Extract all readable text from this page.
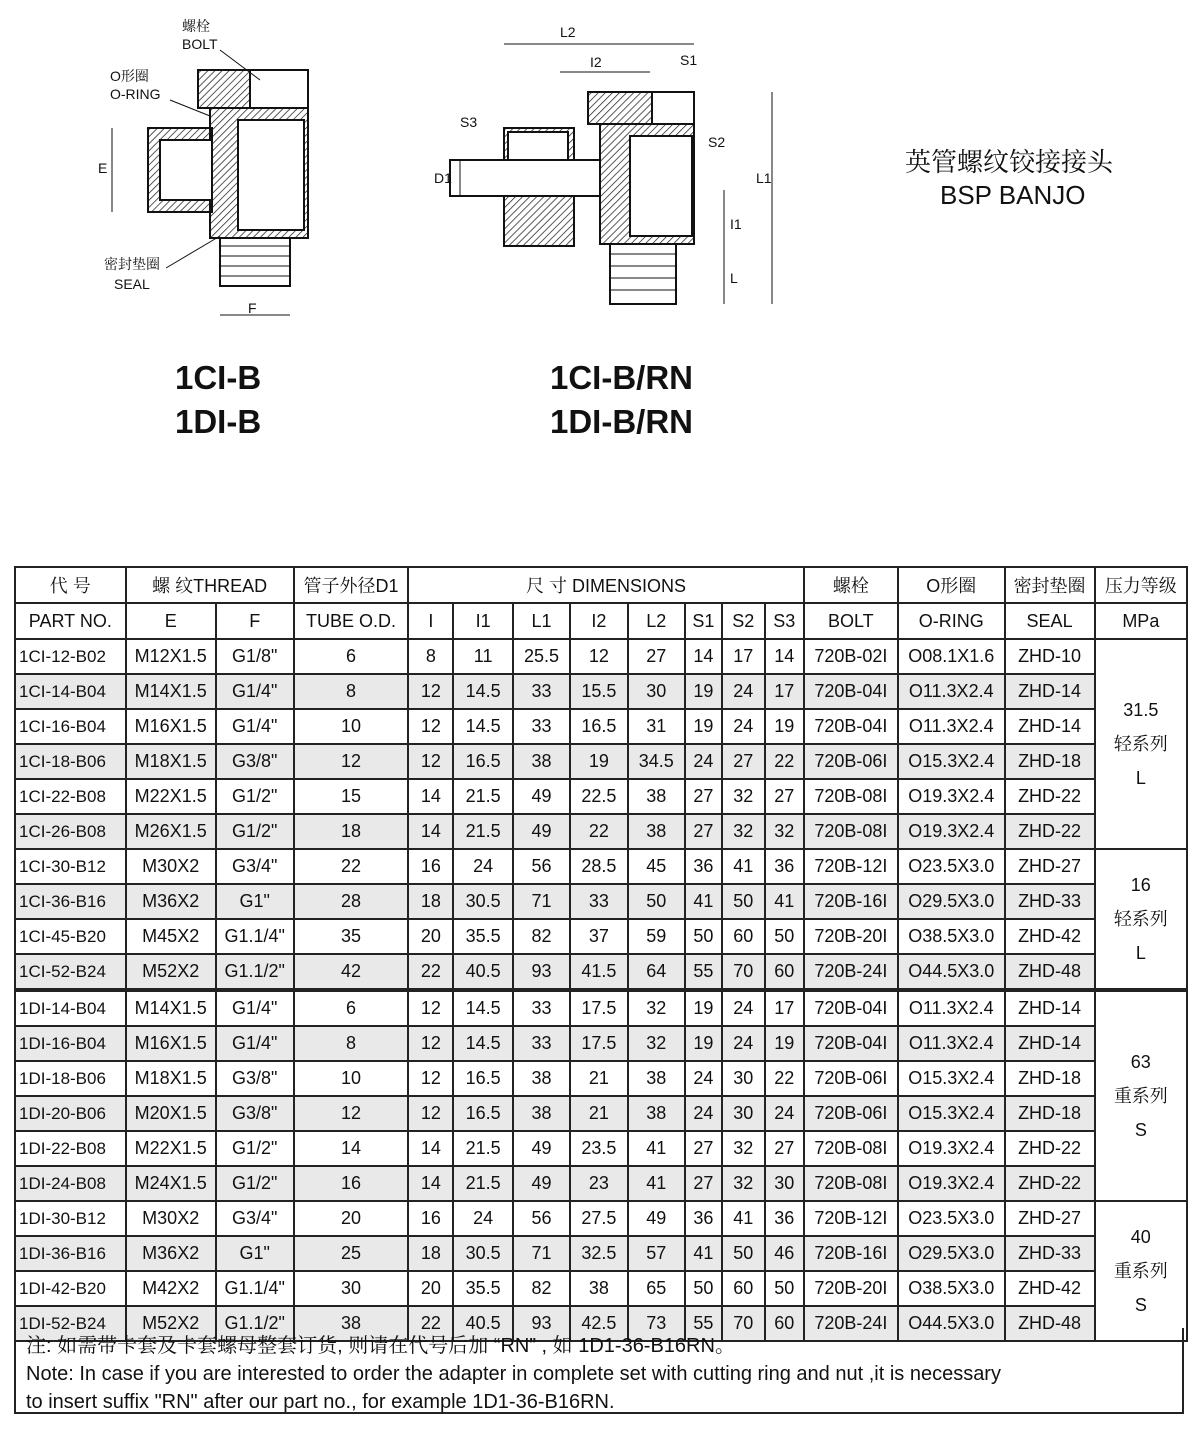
螺栓
BOLT
O形圈
O-RING
密封垫圈
SEAL
E
F
1CI-B
1DI-B
L2
I2	S1
S2
S3
L1
D1
I1
L
1CI-B/RN
1DI-B/RN
英管螺纹铰接接头
BSP BANJO
代 号	螺 纹THREAD		管子外径D1	尺 寸 DIMENSIONS								螺栓	O形圈	密封垫圈	压力等级
PART NO.	E	F	TUBE O.D.	I	I1	L1	I2	L2	S1	S2	S3	BOLT	O-RING	SEAL	MPa
1CI-12-B02	M12X1.5	G1/8"	6	8	11	25.5	12	27	14	17	14	720B-02I	O08.1X1.6	ZHD-10	31.5
轻系列
L

1CI-14-B04	M14X1.5	G1/4"	8	12	14.5	33	15.5	30	19	24	17	720B-04I	O11.3X2.4	ZHD-14	
1CI-16-B04	M16X1.5	G1/4"	10	12	14.5	33	16.5	31	19	24	19	720B-04I	O11.3X2.4	ZHD-14	
1CI-18-B06	M18X1.5	G3/8"	12	12	16.5	38	19	34.5	24	27	22	720B-06I	O15.3X2.4	ZHD-18	
1CI-22-B08	M22X1.5	G1/2"	15	14	21.5	49	22.5	38	27	32	27	720B-08I	O19.3X2.4	ZHD-22	
1CI-26-B08	M26X1.5	G1/2"	18	14	21.5	49	22	38	27	32	32	720B-08I	O19.3X2.4	ZHD-22	
1CI-30-B12	M30X2	G3/4"	22	16	24	56	28.5	45	36	41	36	720B-12I	O23.5X3.0	ZHD-27	16
轻系列
L

1CI-36-B16	M36X2	G1"	28	18	30.5	71	33	50	41	50	41	720B-16I	O29.5X3.0	ZHD-33	
1CI-45-B20	M45X2	G1.1/4"	35	20	35.5	82	37	59	50	60	50	720B-20I	O38.5X3.0	ZHD-42	
1CI-52-B24	M52X2	G1.1/2"	42	22	40.5	93	41.5	64	55	70	60	720B-24I	O44.5X3.0	ZHD-48	
1DI-14-B04	M14X1.5	G1/4"	6	12	14.5	33	17.5	32	19	24	17	720B-04I	O11.3X2.4	ZHD-14	63
重系列
S

1DI-16-B04	M16X1.5	G1/4"	8	12	14.5	33	17.5	32	19	24	19	720B-04I	O11.3X2.4	ZHD-14	
1DI-18-B06	M18X1.5	G3/8"	10	12	16.5	38	21	38	24	30	22	720B-06I	O15.3X2.4	ZHD-18	
1DI-20-B06	M20X1.5	G3/8"	12	12	16.5	38	21	38	24	30	24	720B-06I	O15.3X2.4	ZHD-18	
1DI-22-B08	M22X1.5	G1/2"	14	14	21.5	49	23.5	41	27	32	27	720B-08I	O19.3X2.4	ZHD-22	
1DI-24-B08	M24X1.5	G1/2"	16	14	21.5	49	23	41	27	32	30	720B-08I	O19.3X2.4	ZHD-22	
1DI-30-B12	M30X2	G3/4"	20	16	24	56	27.5	49	36	41	36	720B-12I	O23.5X3.0	ZHD-27	40
重系列
S

1DI-36-B16	M36X2	G1"	25	18	30.5	71	32.5	57	41	50	46	720B-16I	O29.5X3.0	ZHD-33	
1DI-42-B20	M42X2	G1.1/4"	30	20	35.5	82	38	65	50	60	50	720B-20I	O38.5X3.0	ZHD-42	
1DI-52-B24	M52X2	G1.1/2"	38	22	40.5	93	42.5	73	55	70	60	720B-24I	O44.5X3.0	ZHD-48	
注: 如需带卡套及卡套螺母整套订货, 则请在代号后加 “RN” , 如 1D1-36-B16RN。
Note: In case if you are interested to order the adapter in complete set with cutting ring and nut ,it is necessary
to insert suffix "RN" after our part no., for example 1D1-36-B16RN.
